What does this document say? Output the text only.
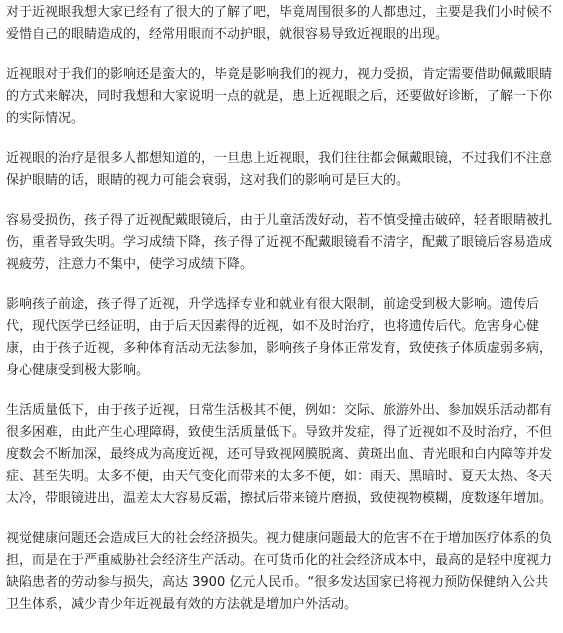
对于近视眼我想大家已经有了很大的了解了吧，毕竟周围很多的人都患过，主要是我们小时候不爱惜自己的眼睛造成的，经常用眼而不动护眼，就很容易导致近视眼的出现。

近视眼对于我们的影响还是蛮大的，毕竟是影响我们的视力，视力受损，肯定需要借助佩戴眼睛的方式来解决，同时我想和大家说明一点的就是，患上近视眼之后，还要做好诊断，了解一下你的实际情况。

近视眼的治疗是很多人都想知道的，一旦患上近视眼，我们往往都会佩戴眼镜，不过我们不注意保护眼睛的话，眼睛的视力可能会衰弱，这对我们的影响可是巨大的。

容易受损伤，孩子得了近视配戴眼镜后，由于儿童活泼好动，若不慎受撞击破碎，轻者眼睛被扎伤，重者导致失明。学习成绩下降，孩子得了近视不配戴眼镜看不清字，配戴了眼镜后容易造成视疲劳，注意力不集中，使学习成绩下降。

影响孩子前途，孩子得了近视，升学选择专业和就业有很大限制，前途受到极大影响。遗传后代，现代医学已经证明，由于后天因素得的近视，如不及时治疗，也将遗传后代。危害身心健康，由于孩子近视，多种体育活动无法参加，影响孩子身体正常发育，致使孩子体质虚弱多病，身心健康受到极大影响。

生活质量低下，由于孩子近视，日常生活极其不便，例如：交际、旅游外出、参加娱乐活动都有很多困难，由此产生心理障碍，致使生活质量低下。导致并发症，得了近视如不及时治疗，不但度数会不断加深，最终成为高度近视，还可导致视网膜脱离、黄斑出血、青光眼和白内障等并发症、甚至失明。太多不便，由天气变化而带来的太多不便，如：雨天、黑暗时、夏天太热、冬天太冷，带眼镜进出，温差太大容易反霜，擦拭后带来镜片磨损，致使视物模糊，度数逐年增加。

视觉健康问题还会造成巨大的社会经济损失。视力健康问题最大的危害不在于增加医疗体系的负担，而是在于严重威胁社会经济生产活动。在可货币化的社会经济成本中，最高的是轻中度视力缺陷患者的劳动参与损失，高达 3900 亿元人民币。“很多发达国家已将视力预防保健纳入公共卫生体系，减少青少年近视最有效的方法就是增加户外活动。
